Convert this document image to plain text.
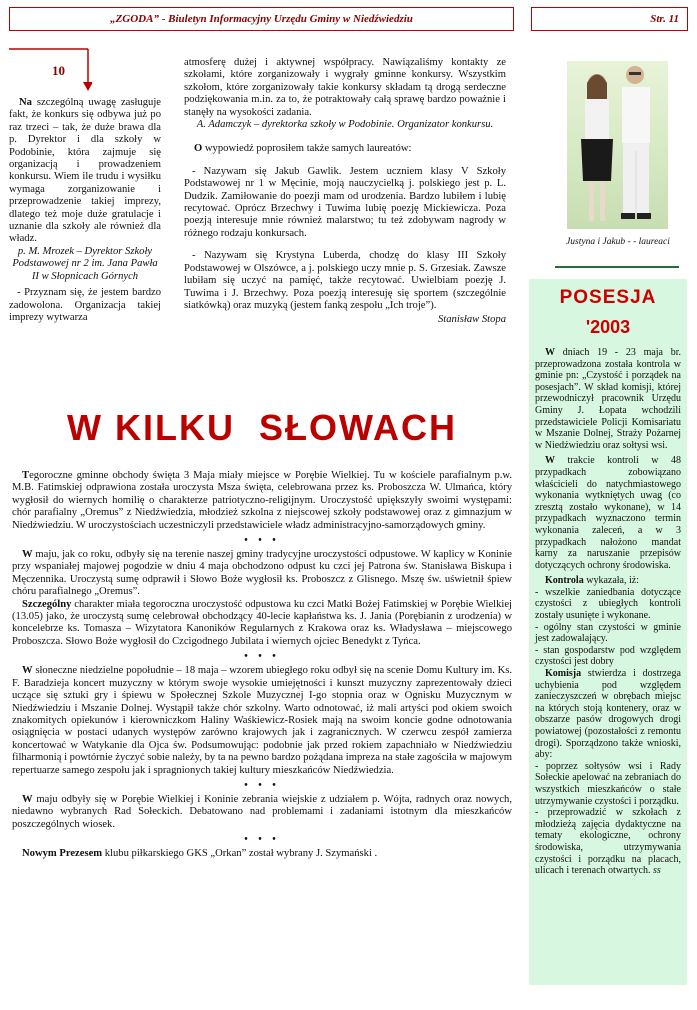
„ZGODA” - Biuletyn Informacyjny Urzędu Gminy w Niedźwiedziu	Str. 11
10

Na szczególną uwagę zasługuje fakt, że konkurs się odbywa już po raz trzeci – tak, że duże brawa dla p. Dyrektor i dla szkoły w Podobinie, która zajmuje się organizacją i prowadzeniem konkursu. Wiem ile trudu i wysiłku wymaga zorganizowanie i przeprowadzenie takiej imprezy, dlatego też moje duże gratulacje i uznanie dla szkoły ale również dla władz.

p. M. Mrozek – Dyrektor Szkoły Podstawowej nr 2 im. Jana Pawła II w Słopnicach Górnych

- Przyznam się, że jestem bardzo zadowolona. Organizacja takiej imprezy wytwarza

atmosferę dużej i aktywnej współpracy. Nawiązaliśmy kontakty ze szkołami, które zorganizowały i wygrały gminne konkursy. Wszystkim szkołom, które zorganizowały takie konkursy składam tą drogą serdeczne podziękowania m.in. za to, że potraktowały całą sprawę bardzo poważnie i stanęły na wysokości zadania.

A. Adamczyk – dyrektorka szkoły w Podobinie. Organizator konkursu.

O wypowiedź poprosiłem także samych laureatów:

- Nazywam się Jakub Gawlik. Jestem uczniem klasy V Szkoły Podstawowej nr 1 w Męcinie, moją nauczycielką j. polskiego jest p. L. Dudzik. Zamiłowanie do poezji mam od urodzenia. Bardzo lubiłem i lubię recytować. Oprócz Brzechwy i Tuwima lubię poezję Mickiewicza. Poza poezją interesuje mnie również malarstwo; tu też zdobywam nagrody w różnego rodzaju konkursach.

- Nazywam się Krystyna Luberda, chodzę do klasy III Szkoły Podstawowej w Olszówce, a j. polskiego uczy mnie p. S. Grzesiak. Zawsze lubiłam się uczyć na pamięć, także recytować. Uwielbiam poezję J. Tuwima i J. Brzechwy. Poza poezją interesuję się sportem (szczególnie siatkówką) oraz muzyką (jestem fanką zespołu „Ich troje”).

Stanisław Stopa

Justyna i Jakub - - laureaci
POSESJA
'2003

W dniach 19 - 23 maja br. przeprowadzona została kontrola w gminie pn: „Czystość i porządek na posesjach”. W skład komisji, której przewodniczył pracownik Urzędu Gminy J. Łopata wchodzili przedstawiciele Policji Komisariatu w Mszanie Dolnej, Straży Pożarnej w Niedźwiedziu oraz sołtysi wsi.

W trakcie kontroli w 48 przypadkach zobowiązano właścicieli do natychmiastowego wykonania wytkniętych uwag (co zresztą zostało wykonane), w 14 przypadkach wyznaczono termin wykonania zaleceń, a w 3 przypadkach nałożono mandat karny za naruszanie przepisów dotyczących ochrony środowiska.

Kontrola wykazała, iż:

- wszelkie zaniedbania dotyczące czystości z ubiegłych kontroli zostały usunięte i wykonane.

- ogólny stan czystości w gminie jest zadowalający.

- stan gospodarstw pod względem czystości jest dobry

Komisja stwierdza i dostrzega uchybienia pod względem zanieczyszczeń w obrębach miejsc na których stoją kontenery, oraz w obszarze pasów drogowych drogi powiatowej (pozostałości z remontu drogi). Sporządzono także wnioski, aby:

- poprzez sołtysów wsi i Rady Sołeckie apelować na zebraniach do wszystkich mieszkańców o stałe utrzymywanie czystości i porządku.

- przeprowadzić w szkołach z młodzieżą zajęcia dydaktyczne na tematy ekologiczne, ochrony środowiska, utrzymywania czystości i porządku na placach, ulicach i terenach otwartych. ss

W KILKU  SŁOWACH

Tegoroczne gminne obchody święta 3 Maja miały miejsce w Porębie Wielkiej. Tu w kościele parafialnym p.w. M.B. Fatimskiej odprawiona została uroczysta Msza święta, celebrowana przez ks. Proboszcza W. Ulmańca, który wygłosił do wiernych homilię o charakterze patriotyczno-religijnym. Uroczystość upiększyły swoimi występami: chór parafialny „Oremus” z Niedźwiedzia, młodzież szkolna z niejscowej szkoły podstawowej oraz z gimnazjum w Niedźwiedziu. W uroczystościach uczestniczyli przedstawiciele władz administracyjno-samorządowych gminy.

• • •

W maju, jak co roku, odbyły się na terenie naszej gminy tradycyjne uroczystości odpustowe. W kaplicy w Koninie przy wspaniałej majowej pogodzie w dniu 4 maja obchodzono odpust ku czci jej Patrona św. Stanisława Biskupa i Męczennika. Uroczystą sumę odprawił i Słowo Boże wygłosił ks. Proboszcz z Glisnego. Mszę św. uświetnił śpiew chóru parafialnego „Oremus”.

Szczególny charakter miała tegoroczna uroczystość odpustowa ku czci Matki Bożej Fatimskiej w Porębie Wielkiej (13.05) jako, że uroczystą sumę celebrował obchodzący 40-lecie kapłaństwa ks. J. Jania (Porębianin z urodzenia) w koncelebrze ks. Tomasza – Wizytatora Kanoników Regularnych z Krakowa oraz ks. Władysława – miejscowego Proboszcza. Słowo Boże wygłosił do Czcigodnego Jubilata i wiernych ojciec Benedykt z Tyńca.

• • •

W słoneczne niedzielne popołudnie – 18 maja – wzorem ubiegłego roku odbył się na scenie Domu Kultury im. Ks. F. Baradzieja koncert muzyczny w którym swoje wysokie umiejętności i kunszt muzyczny zaprezentowały dzieci uczące się sztuki gry i śpiewu w Społecznej Szkole Muzycznej I-go stopnia oraz w Ognisku Muzycznym w Niedźwiedziu i Mszanie Dolnej. Wystąpił także chór szkolny. Warto odnotować, iż mali artyści pod okiem swoich znakomitych opiekunów i kierowniczkom Haliny Waśkiewicz-Rosiek mają na swoim koncie godne odnotowania osiągnięcia w postaci udanych występów zarówno krajowych jak i zagranicznych. W czerwcu zespół zamierza koncertować w Watykanie dla Ojca św. Podsumowując: podobnie jak przed rokiem zapachniało w Niedźwiedziu filharmonią i powtórnie życzyć sobie należy, by ta na pewno bardzo pożądana impreza na stałe zagościła w majowym repertuarze samego zespołu jak i spragnionych takiej kultury mieszkańców Niedźwiedzia.

• • •

W maju odbyły się w Porębie Wielkiej i Koninie zebrania wiejskie z udziałem p. Wójta, radnych oraz nowych, niedawno wybranych Rad Sołeckich. Debatowano nad problemami i zadaniami istotnym dla mieszkańców poszczególnych wiosek.

• • •

Nowym Prezesem klubu piłkarskiego GKS „Orkan” został wybrany J. Szymański .
